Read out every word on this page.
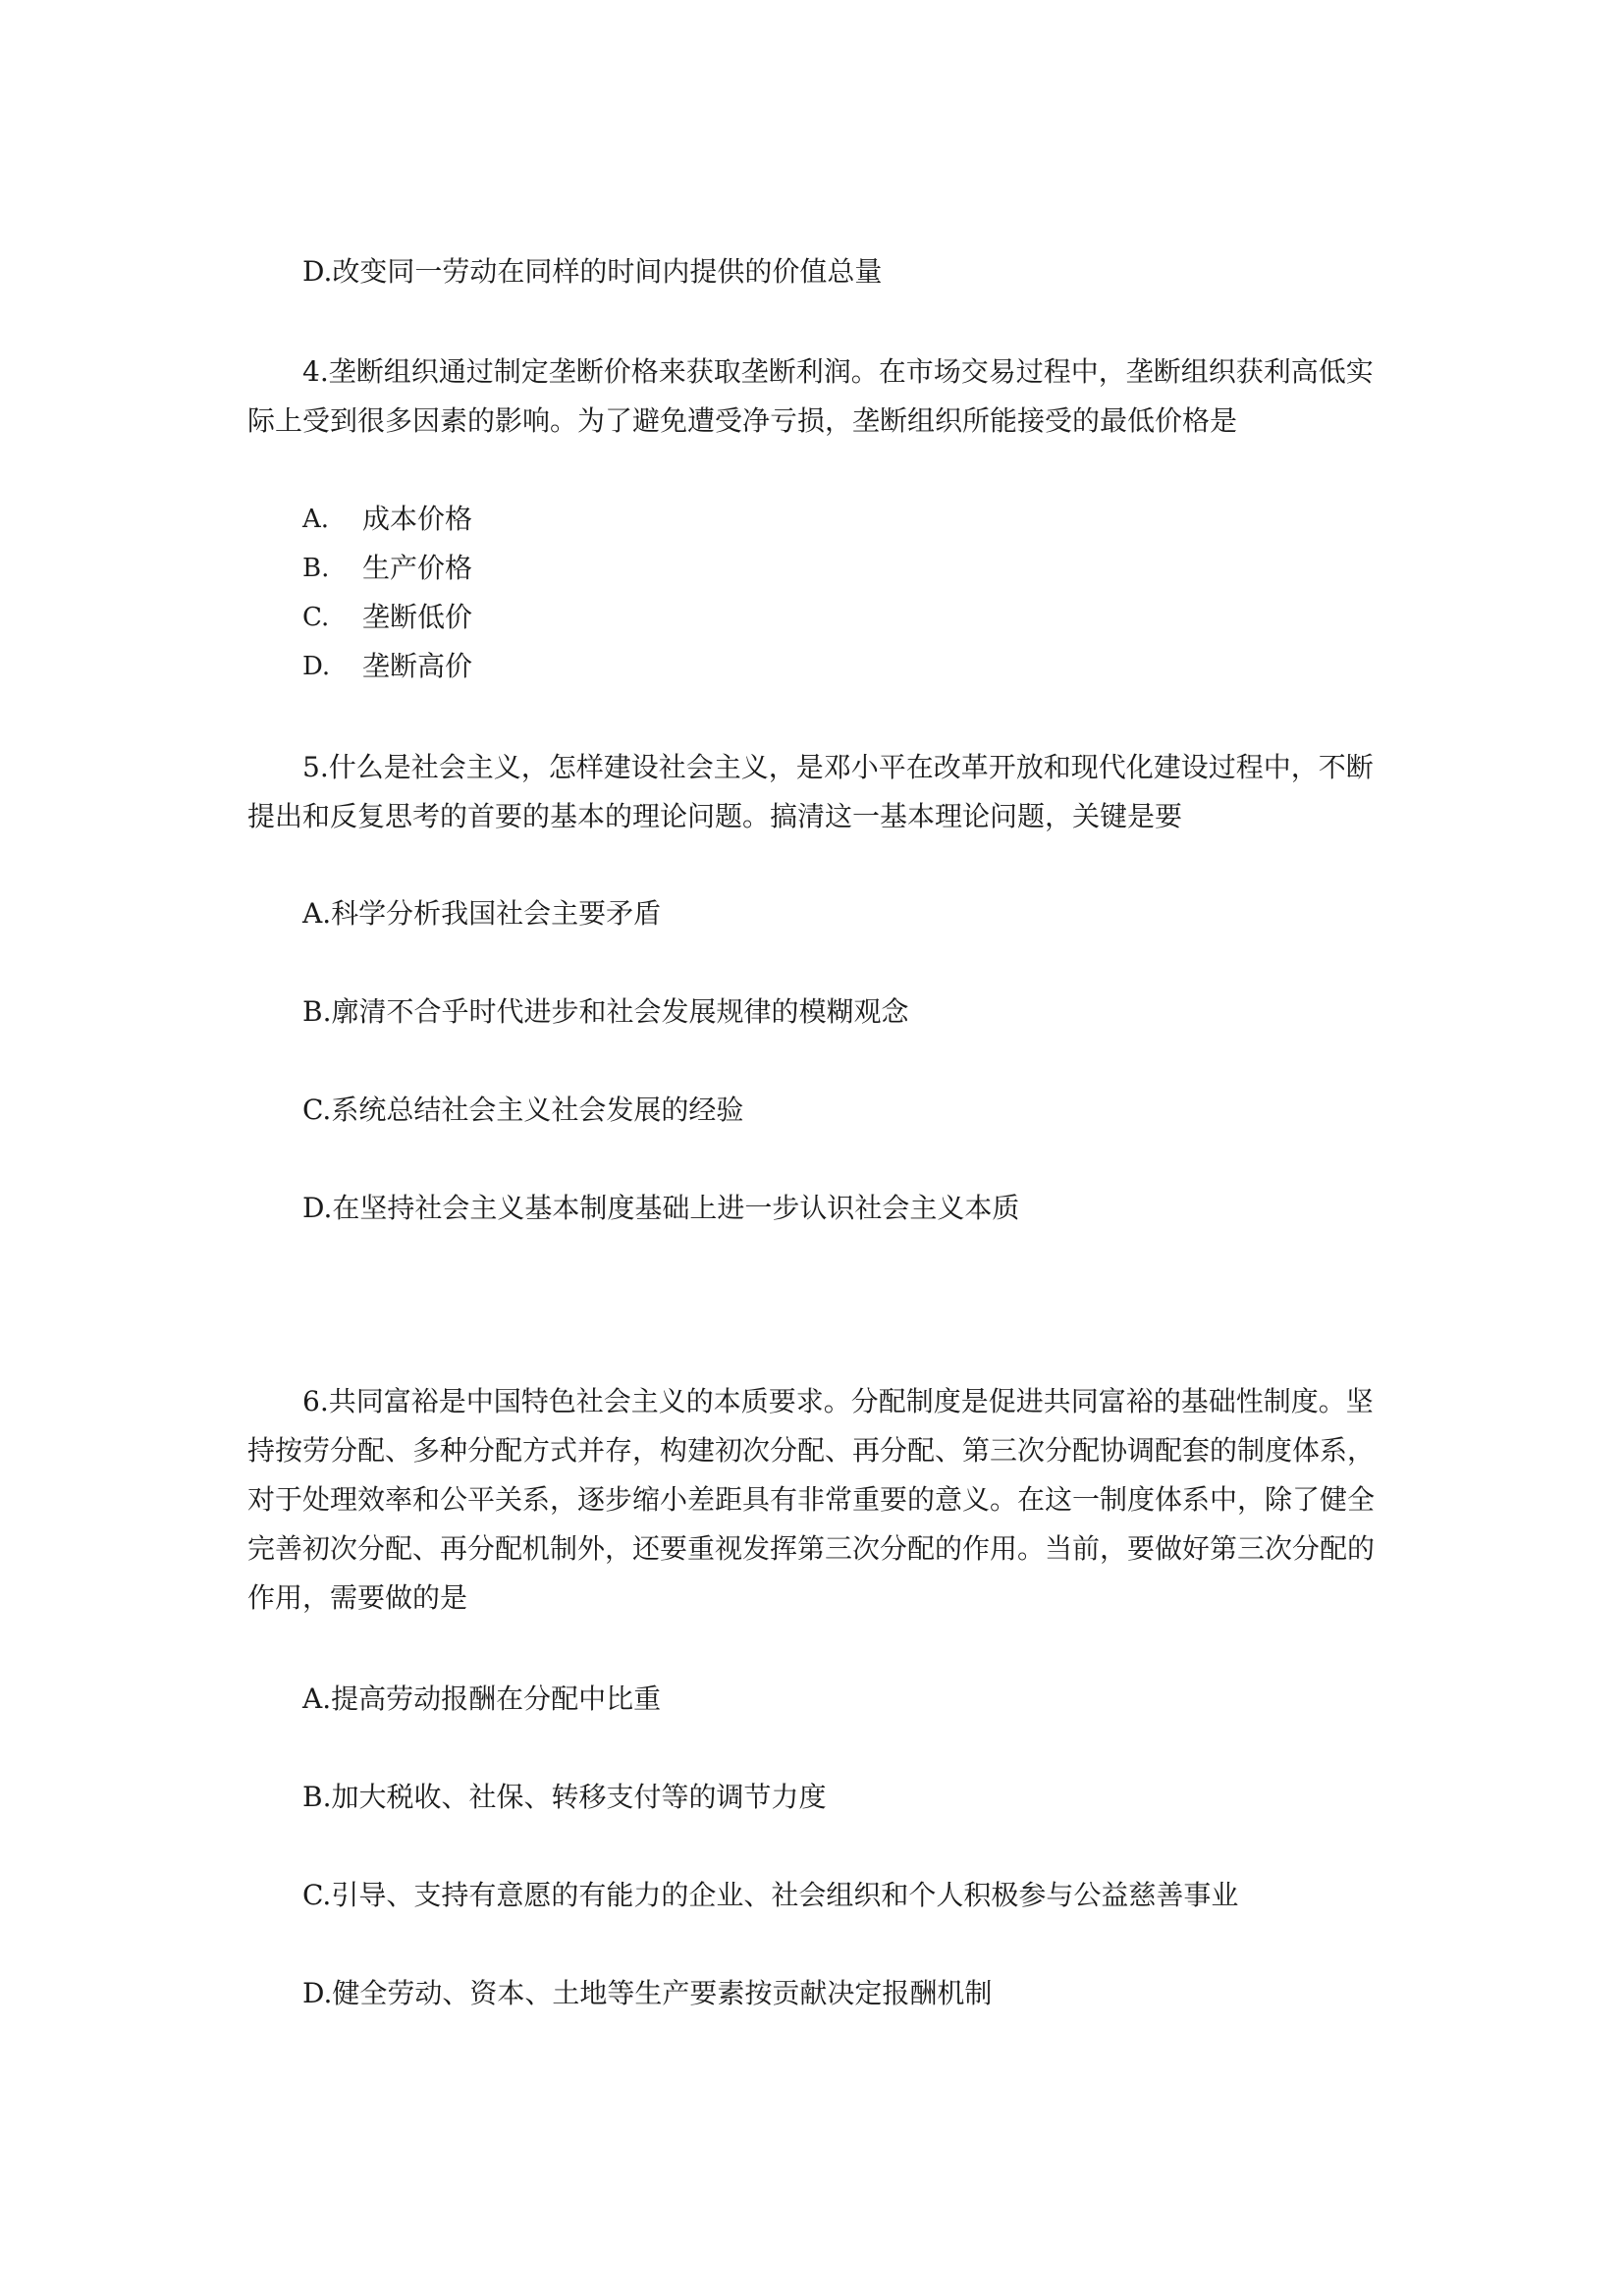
D.改变同一劳动在同样的时间内提供的价值总量
4.垄断组织通过制定垄断价格来获取垄断利润。在市场交易过程中，垄断组织获利高低实际上受到很多因素的影响。为了避免遭受净亏损，垄断组织所能接受的最低价格是
A. 成本价格
B. 生产价格
C. 垄断低价
D. 垄断高价
5.什么是社会主义，怎样建设社会主义，是邓小平在改革开放和现代化建设过程中，不断提出和反复思考的首要的基本的理论问题。搞清这一基本理论问题，关键是要
A.科学分析我国社会主要矛盾
B.廓清不合乎时代进步和社会发展规律的模糊观念
C.系统总结社会主义社会发展的经验
D.在坚持社会主义基本制度基础上进一步认识社会主义本质
6.共同富裕是中国特色社会主义的本质要求。分配制度是促进共同富裕的基础性制度。坚持按劳分配、多种分配方式并存，构建初次分配、再分配、第三次分配协调配套的制度体系，对于处理效率和公平关系，逐步缩小差距具有非常重要的意义。在这一制度体系中，除了健全完善初次分配、再分配机制外，还要重视发挥第三次分配的作用。当前，要做好第三次分配的作用，需要做的是
A.提高劳动报酬在分配中比重
B.加大税收、社保、转移支付等的调节力度
C.引导、支持有意愿的有能力的企业、社会组织和个人积极参与公益慈善事业
D.健全劳动、资本、土地等生产要素按贡献决定报酬机制
